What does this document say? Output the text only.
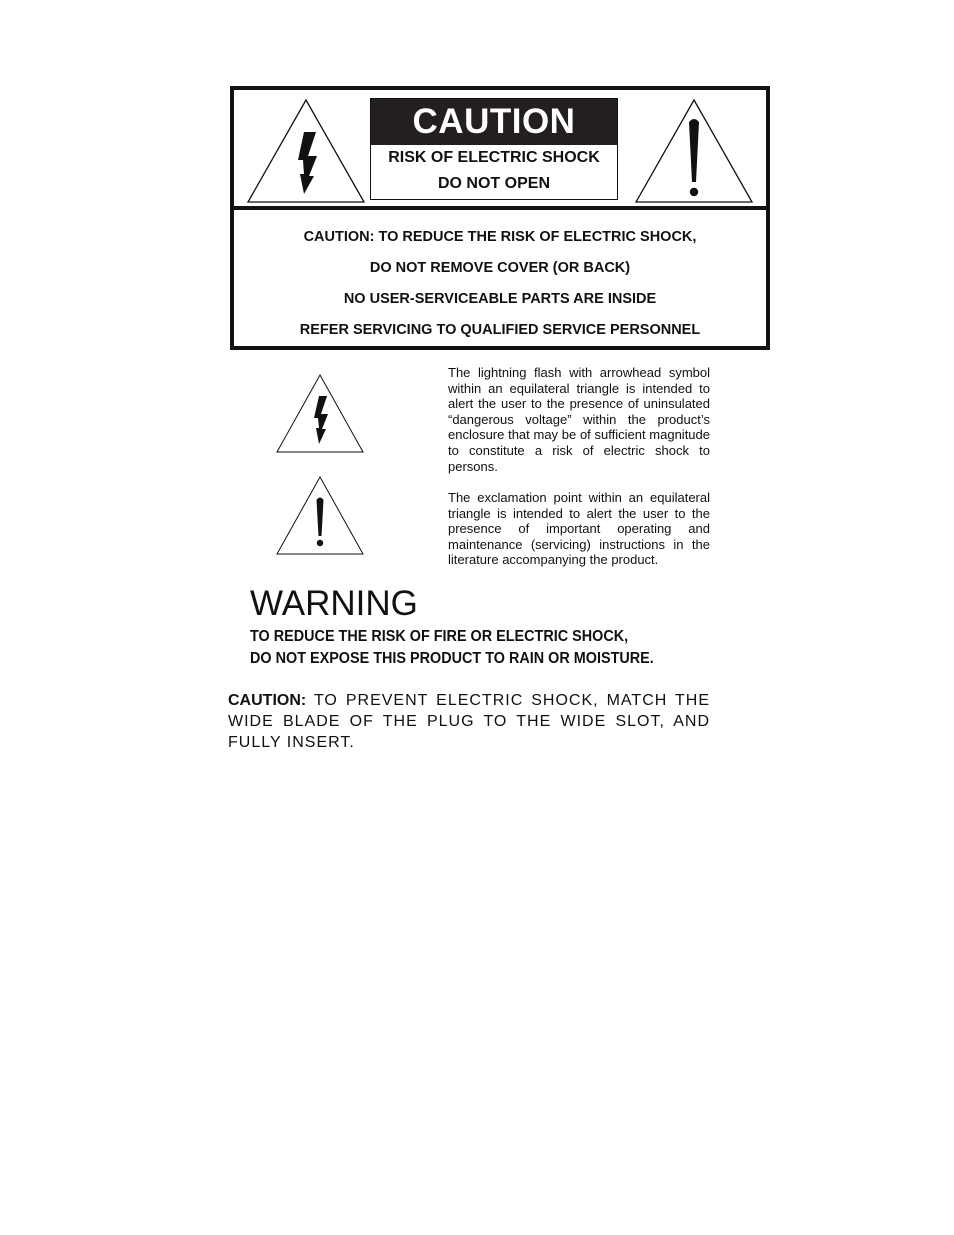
CAUTION
RISK OF ELECTRIC SHOCK
DO NOT OPEN
CAUTION: TO REDUCE THE RISK OF ELECTRIC SHOCK,
DO NOT REMOVE COVER (OR BACK)
NO USER-SERVICEABLE PARTS ARE INSIDE
REFER SERVICING TO QUALIFIED SERVICE PERSONNEL
The lightning flash with arrowhead symbol within an equilateral triangle is intended to alert the user to the presence of uninsulated “dangerous voltage” within the product’s enclosure that may be of sufficient magnitude to constitute a risk of electric shock to persons.
The exclamation point within an equilateral triangle is intended to alert the user to the presence of important operating and maintenance (servicing) instructions in the literature accompanying the product.
WARNING
TO REDUCE THE RISK OF FIRE OR ELECTRIC SHOCK,
DO NOT EXPOSE THIS PRODUCT TO RAIN OR MOISTURE.
CAUTION: TO PREVENT ELECTRIC SHOCK, MATCH THE WIDE BLADE OF THE PLUG TO THE WIDE SLOT, AND FULLY INSERT.
